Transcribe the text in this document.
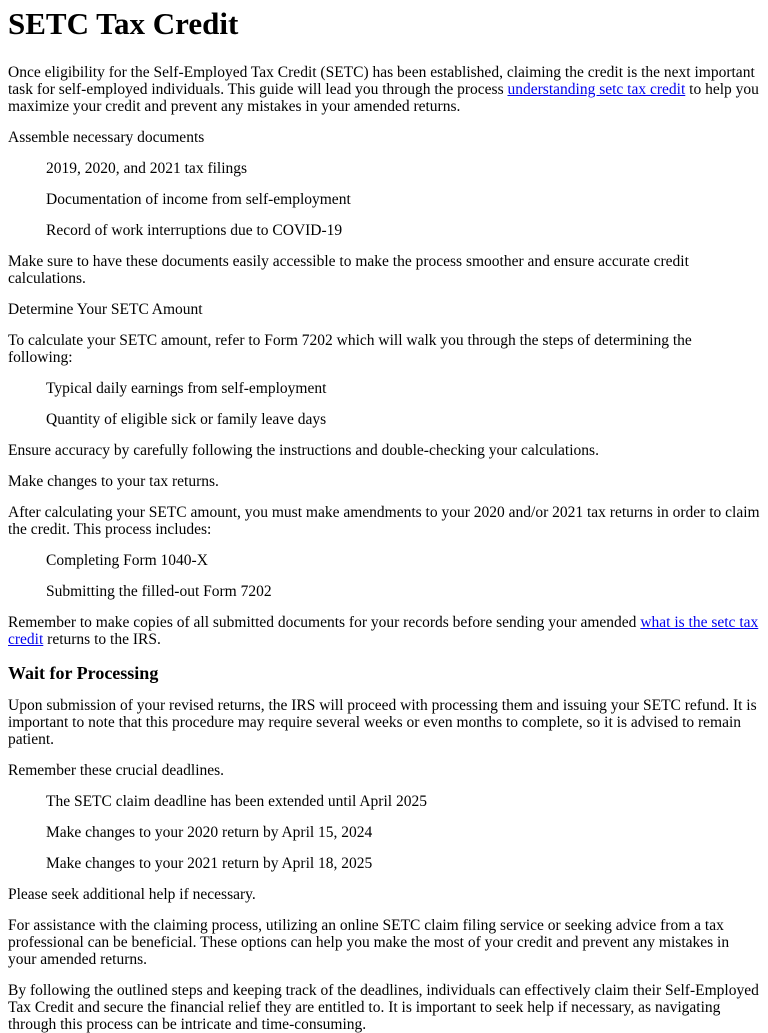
SETC Tax Credit

Once eligibility for the Self-Employed Tax Credit (SETC) has been established, claiming the credit is the next important task for self-employed individuals. This guide will lead you through the process understanding setc tax credit to help you maximize your credit and prevent any mistakes in your amended returns.

Assemble necessary documents

2019, 2020, and 2021 tax filings

Documentation of income from self-employment

Record of work interruptions due to COVID-19

Make sure to have these documents easily accessible to make the process smoother and ensure accurate credit calculations.

Determine Your SETC Amount

To calculate your SETC amount, refer to Form 7202 which will walk you through the steps of determining the following:

Typical daily earnings from self-employment

Quantity of eligible sick or family leave days

Ensure accuracy by carefully following the instructions and double-checking your calculations.

Make changes to your tax returns.

After calculating your SETC amount, you must make amendments to your 2020 and/or 2021 tax returns in order to claim the credit. This process includes:

Completing Form 1040-X

Submitting the filled-out Form 7202

Remember to make copies of all submitted documents for your records before sending your amended what is the setc tax credit returns to the IRS.

Wait for Processing

Upon submission of your revised returns, the IRS will proceed with processing them and issuing your SETC refund. It is important to note that this procedure may require several weeks or even months to complete, so it is advised to remain patient.

Remember these crucial deadlines.

The SETC claim deadline has been extended until April 2025

Make changes to your 2020 return by April 15, 2024

Make changes to your 2021 return by April 18, 2025

Please seek additional help if necessary.

For assistance with the claiming process, utilizing an online SETC claim filing service or seeking advice from a tax professional can be beneficial. These options can help you make the most of your credit and prevent any mistakes in your amended returns.

By following the outlined steps and keeping track of the deadlines, individuals can effectively claim their Self-Employed Tax Credit and secure the financial relief they are entitled to. It is important to seek help if necessary, as navigating through this process can be intricate and time-consuming.
